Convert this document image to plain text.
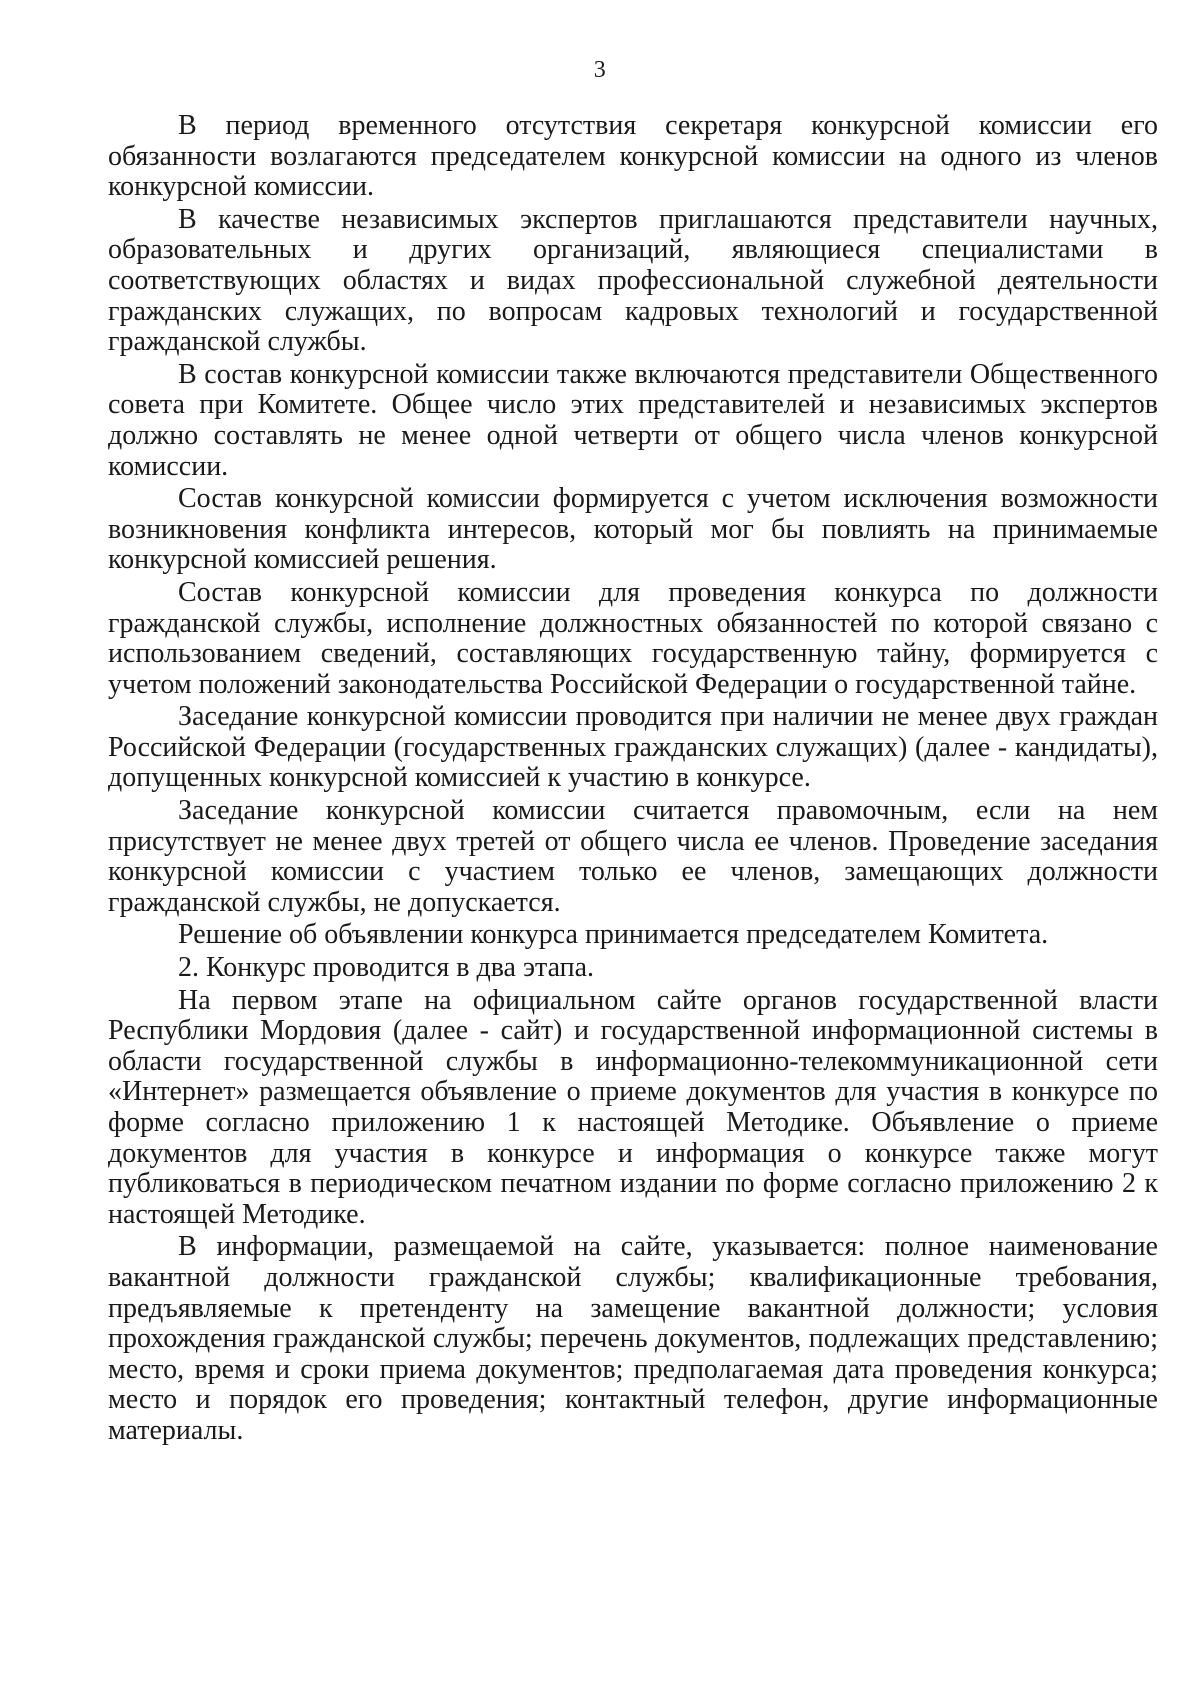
3

В период временного отсутствия секретаря конкурсной комиссии его обязанности возлагаются председателем конкурсной комиссии на одного из членов конкурсной комиссии.

В качестве независимых экспертов приглашаются представители научных, образовательных и других организаций, являющиеся специалистами в соответствующих областях и видах профессиональной служебной деятельности гражданских служащих, по вопросам кадровых технологий и государственной гражданской службы.

В состав конкурсной комиссии также включаются представители Общественного совета при Комитете. Общее число этих представителей и независимых экспертов должно составлять не менее одной четверти от общего числа членов конкурсной комиссии.

Состав конкурсной комиссии формируется с учетом исключения возможности возникновения конфликта интересов, который мог бы повлиять на принимаемые конкурсной комиссией решения.

Состав конкурсной комиссии для проведения конкурса по должности гражданской службы, исполнение должностных обязанностей по которой связано с использованием сведений, составляющих государственную тайну, формируется с учетом положений законодательства Российской Федерации о государственной тайне.

Заседание конкурсной комиссии проводится при наличии не менее двух граждан Российской Федерации (государственных гражданских служащих) (далее - кандидаты), допущенных конкурсной комиссией к участию в конкурсе.

Заседание конкурсной комиссии считается правомочным, если на нем присутствует не менее двух третей от общего числа ее членов. Проведение заседания конкурсной комиссии с участием только ее членов, замещающих должности гражданской службы, не допускается.

Решение об объявлении конкурса принимается председателем Комитета.

2. Конкурс проводится в два этапа.

На первом этапе на официальном сайте органов государственной власти Республики Мордовия (далее - сайт) и государственной информационной системы в области государственной службы в информационно-телекоммуникационной сети «Интернет» размещается объявление о приеме документов для участия в конкурсе по форме согласно приложению 1 к настоящей Методике. Объявление о приеме документов для участия в конкурсе и информация о конкурсе также могут публиковаться в периодическом печатном издании по форме согласно приложению 2 к настоящей Методике.

В информации, размещаемой на сайте, указывается: полное наименование вакантной должности гражданской службы; квалификационные требования, предъявляемые к претенденту на замещение вакантной должности; условия прохождения гражданской службы; перечень документов, подлежащих представлению; место, время и сроки приема документов; предполагаемая дата проведения конкурса; место и порядок его проведения; контактный телефон, другие информационные материалы.
